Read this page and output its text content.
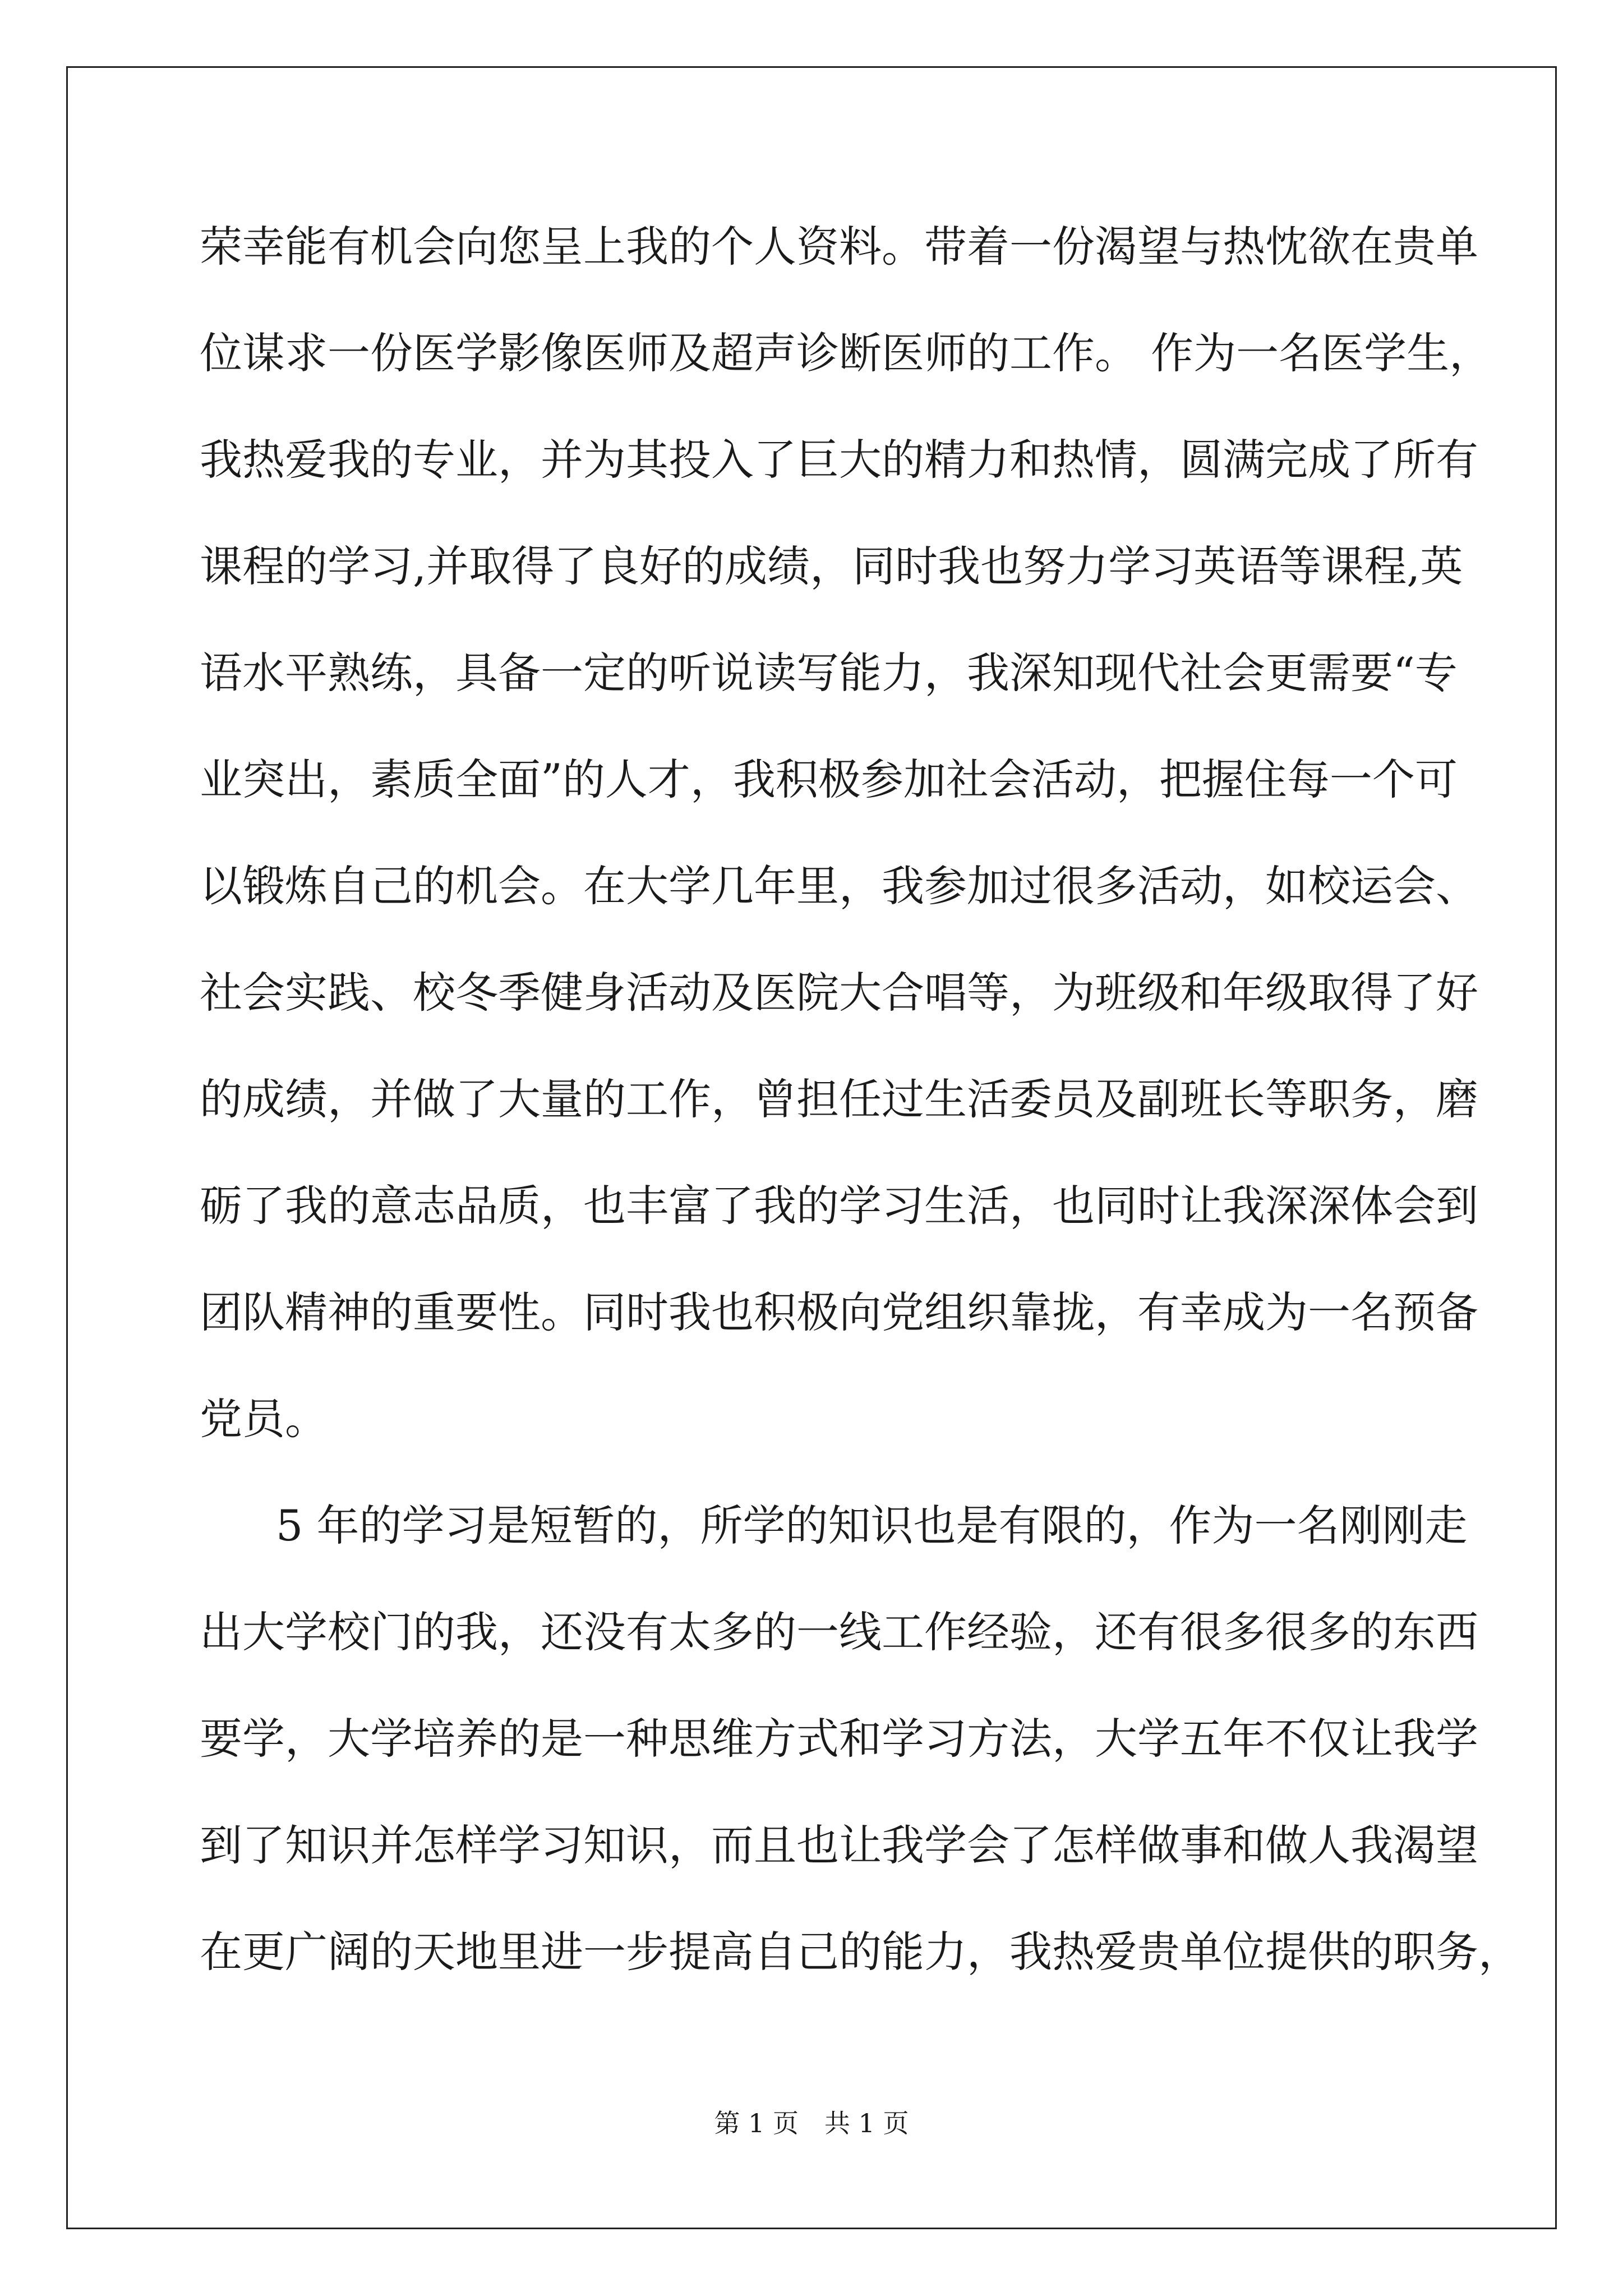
荣幸能有机会向您呈上我的个人资料。带着一份渴望与热忱欲在贵单
位谋求一份医学影像医师及超声诊断医师的工作。 作为一名医学生，
我热爱我的专业，并为其投入了巨大的精力和热情，圆满完成了所有
课程的学习,并取得了良好的成绩，同时我也努力学习英语等课程,英
语水平熟练，具备一定的听说读写能力，我深知现代社会更需要“专
业突出，素质全面”的人才，我积极参加社会活动，把握住每一个可
以锻炼自己的机会。在大学几年里，我参加过很多活动，如校运会、
社会实践、校冬季健身活动及医院大合唱等，为班级和年级取得了好
的成绩，并做了大量的工作，曾担任过生活委员及副班长等职务，磨
砺了我的意志品质，也丰富了我的学习生活，也同时让我深深体会到
团队精神的重要性。同时我也积极向党组织靠拢，有幸成为一名预备
党员。
5 年的学习是短暂的，所学的知识也是有限的，作为一名刚刚走
出大学校门的我，还没有太多的一线工作经验，还有很多很多的东西
要学，大学培养的是一种思维方式和学习方法，大学五年不仅让我学
到了知识并怎样学习知识，而且也让我学会了怎样做事和做人我渴望
在更广阔的天地里进一步提高自己的能力，我热爱贵单位提供的职务，
第 1 页　共 1 页
